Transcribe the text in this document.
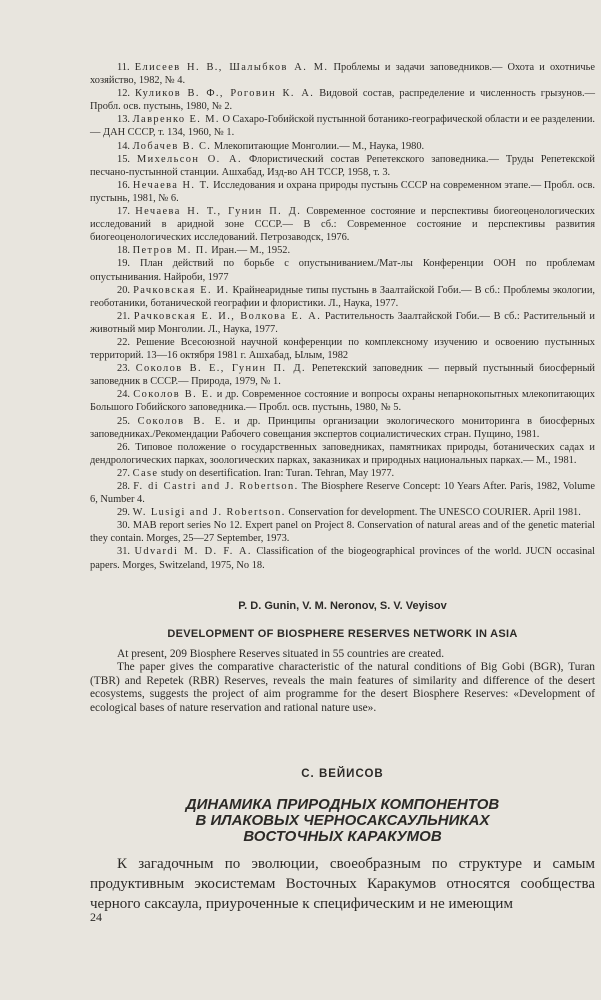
11. Елисеев Н. В., Шалыбков А. М. Проблемы и задачи заповедников.— Охота и охотничье хозяйство, 1982, № 4.

12. Куликов В. Ф., Роговин К. А. Видовой состав, распределение и численность грызунов.— Пробл. осв. пустынь, 1980, № 2.

13. Лавренко Е. М. О Сахаро-Гобийской пустынной ботанико-географической области и ее разделении.— ДАН СССР, т. 134, 1960, № 1.

14. Лобачев В. С. Млекопитающие Монголии.— М., Наука, 1980.

15. Михельсон О. А. Флористический состав Репетекского заповедника.— Труды Репетекской песчано-пустынной станции. Ашхабад, Изд-во АН ТССР, 1958, т. 3.

16. Нечаева Н. Т. Исследования и охрана природы пустынь СССР на современном этапе.— Пробл. осв. пустынь, 1981, № 6.

17. Нечаева Н. Т., Гунин П. Д. Современное состояние и перспективы биогеоценологических исследований в аридной зоне СССР.— В сб.: Современное состояние и перспективы развития биогеоценологических исследований. Петрозаводск, 1976.

18. Петров М. П. Иран.— М., 1952.

19. План действий по борьбе с опустыниванием./Мат-лы Конференции ООН по проблемам опустынивания. Найроби, 1977

20. Рачковская Е. И. Крайнеаридные типы пустынь в Заалтайской Гоби.— В сб.: Проблемы экологии, геоботаники, ботанической географии и флористики. Л., Наука, 1977.

21. Рачковская Е. И., Волкова Е. А. Растительность Заалтайской Гоби.— В сб.: Растительный и животный мир Монголии. Л., Наука, 1977.

22. Решение Всесоюзной научной конференции по комплексному изучению и освоению пустынных территорий. 13—16 октября 1981 г. Ашхабад, Ылым, 1982

23. Соколов В. Е., Гунин П. Д. Репетекский заповедник — первый пустынный биосферный заповедник в СССР.— Природа, 1979, № 1.

24. Соколов В. Е. и др. Современное состояние и вопросы охраны непарнокопытных млекопитающих Большого Гобийского заповедника.— Пробл. осв. пустынь, 1980, № 5.

25. Соколов В. Е. и др. Принципы организации экологического мониторинга в биосферных заповедниках./Рекомендации Рабочего совещания экспертов социалистических стран. Пущино, 1981.

26. Типовое положение о государственных заповедниках, памятниках природы, ботанических садах и дендрологических парках, зоологических парках, заказниках и природных национальных парках.— М., 1981.

27. Case study on desertification. Iran: Turan. Tehran, May 1977.

28. F. di Castri and J. Robertson. The Biosphere Reserve Concept: 10 Years After. Paris, 1982, Volume 6, Number 4.

29. W. Lusigi and J. Robertson. Conservation for development. The UNESCO COURIER. April 1981.

30. MAB report series No 12. Expert panel on Project 8. Conservation of natural areas and of the genetic material they contain. Morges, 25—27 September, 1973.

31. Udvardi M. D. F. A. Classification of the biogeographical provinces of the world. JUCN occasinal papers. Morges, Switzeland, 1975, No 18.

P. D. Gunin, V. M. Neronov, S. V. Veyisov
DEVELOPMENT OF BIOSPHERE RESERVES NETWORK IN ASIA

At present, 209 Biosphere Reserves situated in 55 countries are created.

The paper gives the comparative characteristic of the natural conditions of Big Gobi (BGR), Turan (TBR) and Repetek (RBR) Reserves, reveals the main features of similarity and difference of the desert ecosystems, suggests the project of aim programme for the desert Biosphere Reserves: «Development of ecological bases of nature reservation and rational nature use».

С. ВЕЙИСОВ
ДИНАМИКА ПРИРОДНЫХ КОМПОНЕНТОВ
В ИЛАКОВЫХ ЧЕРНОСАКСАУЛЬНИКАХ
ВОСТОЧНЫХ КАРАКУМОВ

К загадочным по эволюции, своеобразным по структуре и самым продуктивным экосистемам Восточных Каракумов относятся сообщества черного саксаула, приуроченные к специфическим и не имеющим

24
